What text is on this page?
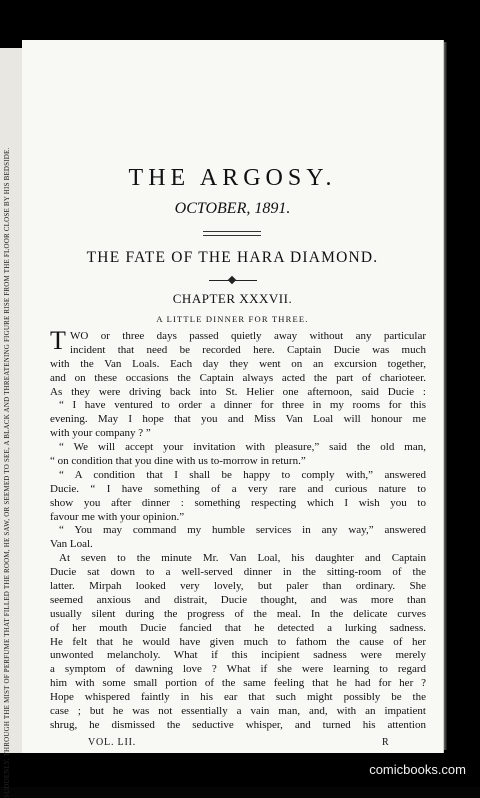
SUDDENLY, THROUGH THE MIST OF PERFUME THAT FILLED THE ROOM, HE SAW, OR SEEMED TO SEE, A BLACK AND THREATENING FIGURE RISE FROM THE FLOOR CLOSE BY HIS BEDSIDE.	THE ARGOSY.
OCTOBER, 1891.
THE FATE OF THE HARA DIAMOND.
CHAPTER XXXVII.
A LITTLE DINNER FOR THREE.
TWO or three days passed quietly away without any particular
incident that need be recorded here. Captain Ducie was much
with the Van Loals. Each day they went on an excursion together,
and on these occasions the Captain always acted the part of charioteer.
As they were driving back into St. Helier one afternoon, said Ducie :
“ I have ventured to order a dinner for three in my rooms for this
evening. May I hope that you and Miss Van Loal will honour me
with your company ? ”
“ We will accept your invitation with pleasure,” said the old man,
“ on condition that you dine with us to-morrow in return.”
“ A condition that I shall be happy to comply with,” answered
Ducie. “ I have something of a very rare and curious nature to
show you after dinner : something respecting which I wish you to
favour me with your opinion.”
“ You may command my humble services in any way,” answered
Van Loal.
At seven to the minute Mr. Van Loal, his daughter and Captain
Ducie sat down to a well-served dinner in the sitting-room of the
latter. Mirpah looked very lovely, but paler than ordinary. She
seemed anxious and distrait, Ducie thought, and was more than
usually silent during the progress of the meal. In the delicate curves
of her mouth Ducie fancied that he detected a lurking sadness.
He felt that he would have given much to fathom the cause of her
unwonted melancholy. What if this incipient sadness were merely
a symptom of dawning love ? What if she were learning to regard
him with some small portion of the same feeling that he had for her ?
Hope whispered faintly in his ear that such might possibly be the
case ; but he was not essentially a vain man, and, with an impatient
shrug, he dismissed the seductive whisper, and turned his attention
VOL. LII.	R
comicbooks.com
